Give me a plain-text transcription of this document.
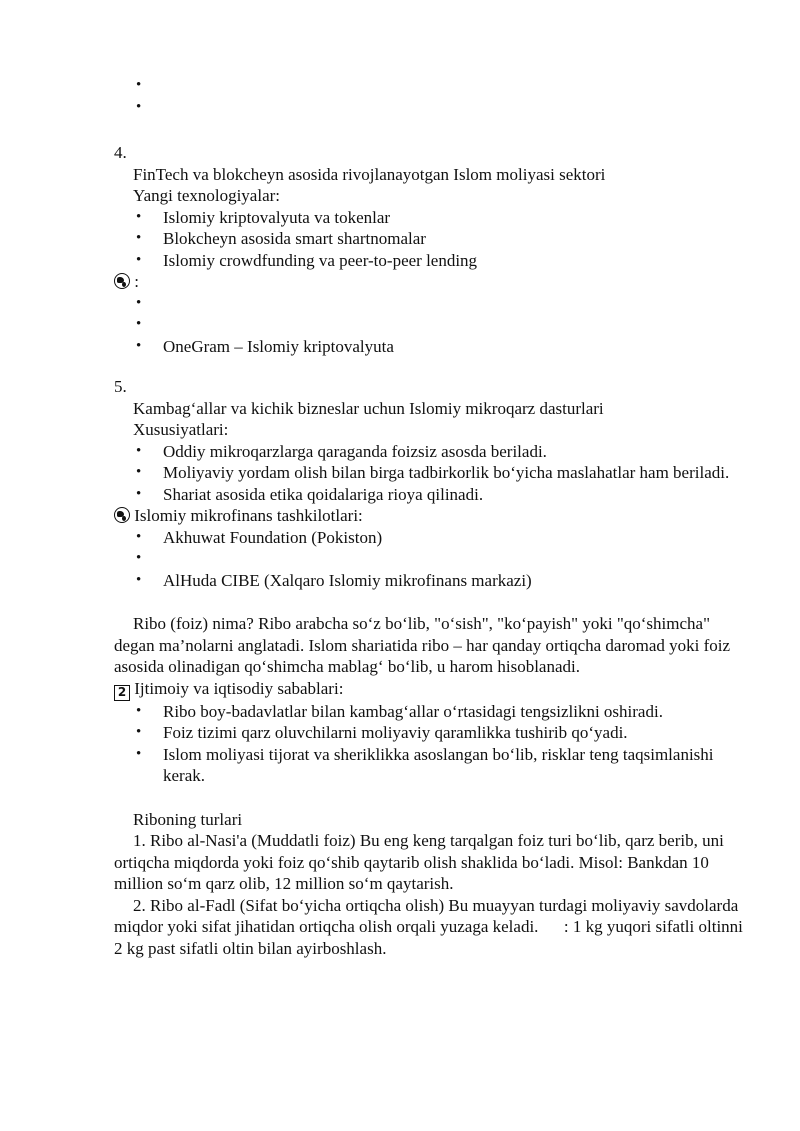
•
•
4.
FinTech va blokcheyn asosida rivojlanayotgan Islom moliyasi sektori
Yangi texnologiyalar:
• Islomiy kriptovalyuta va tokenlar
• Blokcheyn asosida smart shartnomalar
• Islomiy crowdfunding va peer-to-peer lending
:
•
•
• OneGram – Islomiy kriptovalyuta
5.
Kambag‘allar va kichik bizneslar uchun Islomiy mikroqarz dasturlari
Xususiyatlari:
• Oddiy mikroqarzlarga qaraganda foizsiz asosda beriladi.
• Moliyaviy yordam olish bilan birga tadbirkorlik bo‘yicha maslahatlar ham beriladi.
• Shariat asosida etika qoidalariga rioya qilinadi.
Islomiy mikrofinans tashkilotlari:
• Akhuwat Foundation (Pokiston)
•
• AlHuda CIBE (Xalqaro Islomiy mikrofinans markazi)
Ribo (foiz) nima? Ribo arabcha so‘z bo‘lib, "o‘sish", "ko‘payish" yoki "qo‘shimcha" degan ma’nolarni anglatadi. Islom shariatida ribo – har qanday ortiqcha daromad yoki foiz asosida olinadigan qo‘shimcha mablag‘ bo‘lib, u harom hisoblanadi.
2 Ijtimoiy va iqtisodiy sabablari:
• Ribo boy-badavlatlar bilan kambag‘allar o‘rtasidagi tengsizlikni oshiradi.
• Foiz tizimi qarz oluvchilarni moliyaviy qaramlikka tushirib qo‘yadi.
• Islom moliyasi tijorat va sheriklikka asoslangan bo‘lib, risklar teng taqsimlanishi kerak.
Riboning turlari
1. Ribo al-Nasi'a (Muddatli foiz) Bu eng keng tarqalgan foiz turi bo‘lib, qarz berib, uni ortiqcha miqdorda yoki foiz qo‘shib qaytarib olish shaklida bo‘ladi. Misol: Bankdan 10 million so‘m qarz olib, 12 million so‘m qaytarish.
2. Ribo al-Fadl (Sifat bo‘yicha ortiqcha olish) Bu muayyan turdagi moliyaviy savdolarda miqdor yoki sifat jihatidan ortiqcha olish orqali yuzaga keladi.      : 1 kg yuqori sifatli oltinni 2 kg past sifatli oltin bilan ayirboshlash.
